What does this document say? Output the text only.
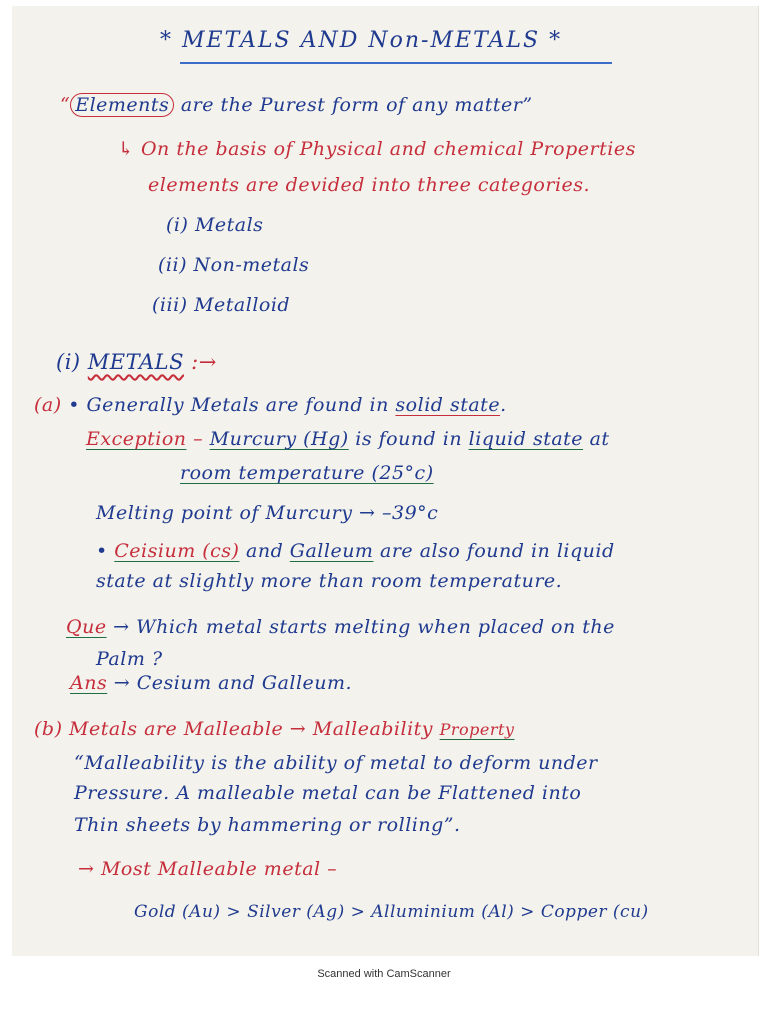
* METALS AND Non-METALS *
“ Elements are the Purest form of any matter”
↳ On the basis of Physical and chemical Properties
elements are devided into three categories.
(i) Metals
(ii) Non-metals
(iii) Metalloid
(i) METALS :→
(a) • Generally Metals are found in solid state.
Exception – Murcury (Hg) is found in liquid state at
room temperature (25°c)
Melting point of Murcury → –39°c
• Ceisium (cs) and Galleum are also found in liquid
state at slightly more than room temperature.
Que → Which metal starts melting when placed on the
Palm ?
Ans → Cesium and Galleum.
(b) Metals are Malleable → Malleability Property
“Malleability is the ability of metal to deform under
Pressure. A malleable metal can be Flattened into
Thin sheets by hammering or rolling”.
→ Most Malleable metal –
Gold (Au) > Silver (Ag) > Alluminium (Al) > Copper (cu)
Scanned with CamScanner
